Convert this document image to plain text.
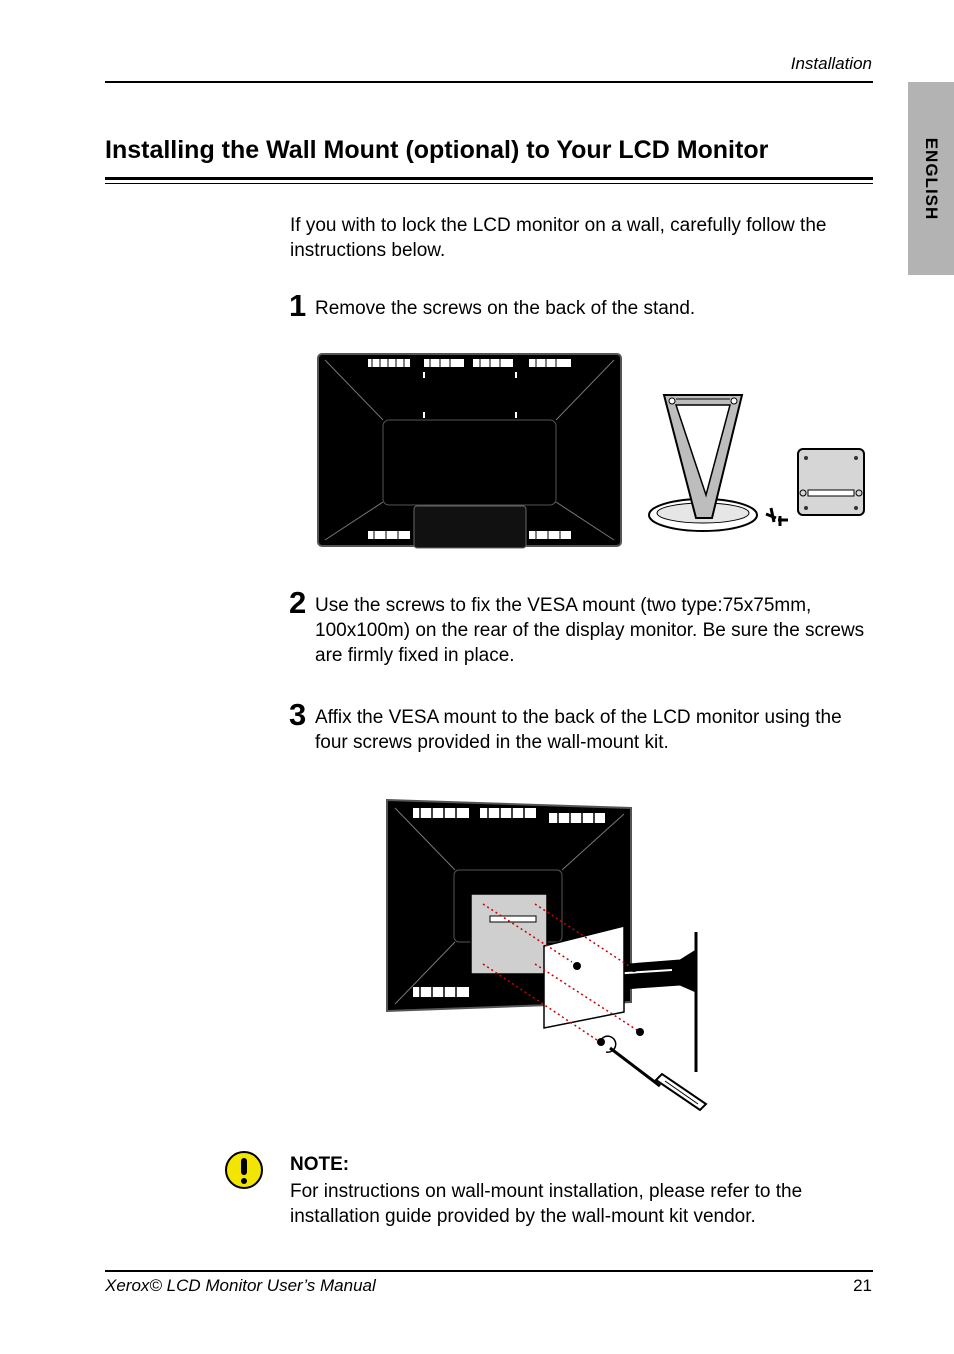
Installation
ENGLISH
Installing the Wall Mount (optional) to Your LCD Monitor
If you with to lock the LCD monitor on a wall, carefully follow the instructions below.
1 Remove the screws on the back of the stand.
2 Use the screws to fix the VESA mount (two type:75x75mm, 100x100m) on the rear of the display monitor. Be sure the screws are firmly fixed in place.
3 Affix the VESA mount to the back of the LCD monitor using the four screws provided in the wall-mount kit.
NOTE:
For instructions on wall-mount installation, please refer to the installation guide provided by the wall-mount kit vendor.
Xerox© LCD Monitor User’s Manual	21
